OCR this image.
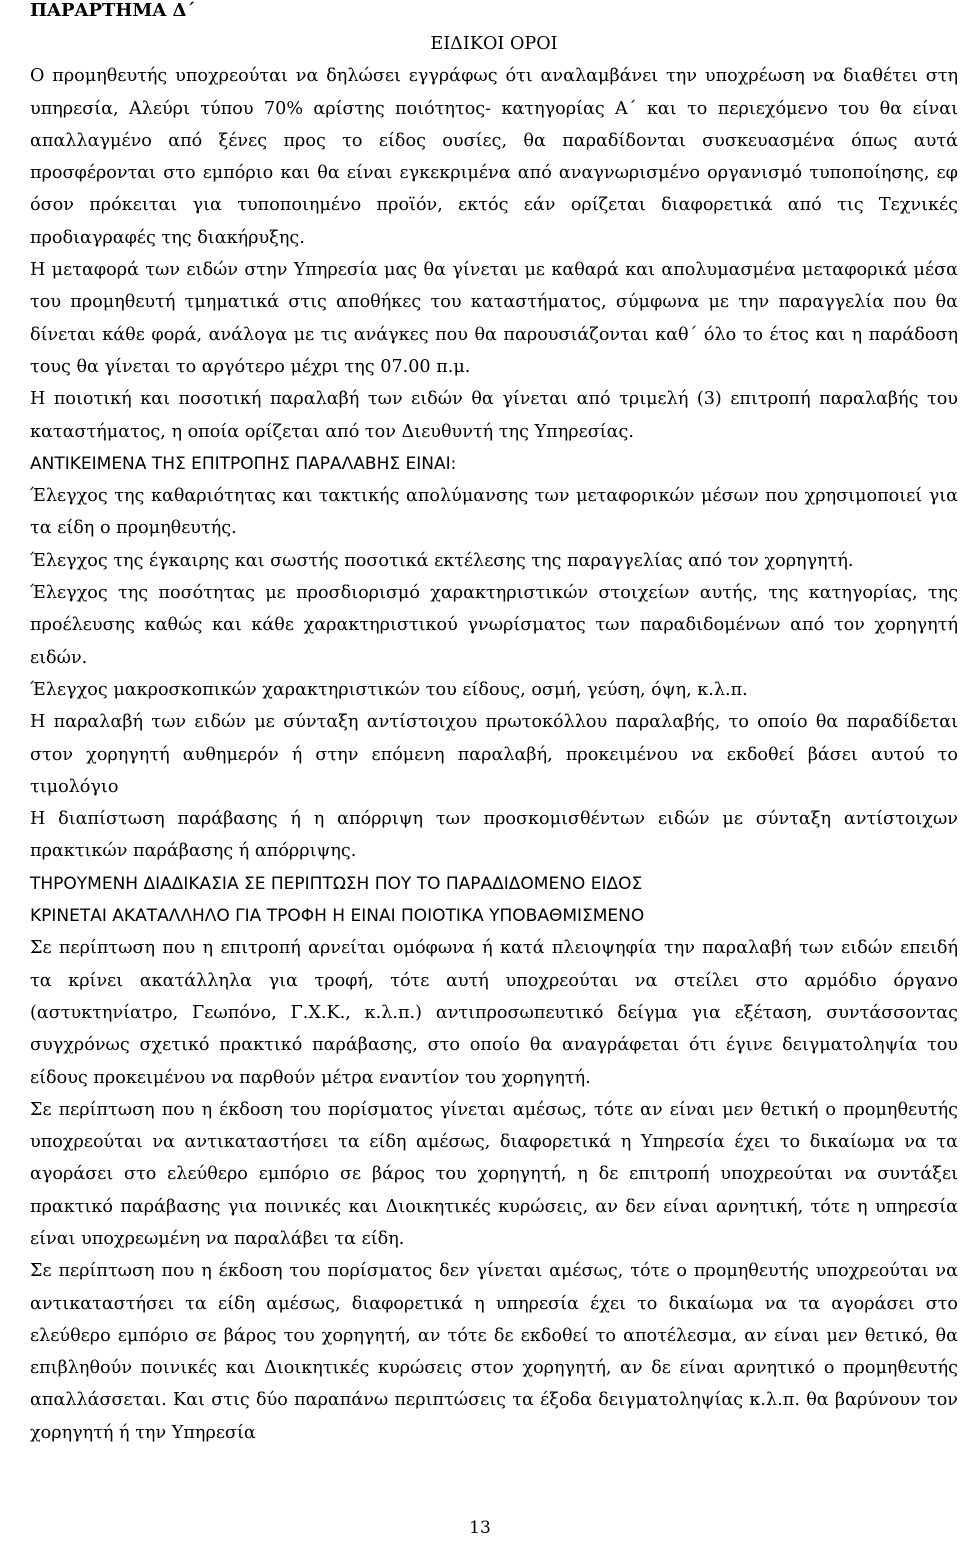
ΠΑΡΑΡΤΗΜΑ Δ΄
ΕΙΔΙΚΟΙ ΟΡΟΙ

Ο προμηθευτής υποχρεούται να δηλώσει εγγράφως ότι αναλαμβάνει την υποχρέωση να διαθέτει στη υπηρεσία, Αλεύρι τύπου 70% αρίστης ποιότητος- κατηγορίας Α΄ και το περιεχόμενο του θα είναι απαλλαγμένο από ξένες προς το είδος ουσίες, θα παραδίδονται συσκευασμένα όπως αυτά προσφέρονται στο εμπόριο και θα είναι εγκεκριμένα από αναγνωρισμένο οργανισμό τυποποίησης, εφ όσον πρόκειται για τυποποιημένο προϊόν, εκτός εάν ορίζεται διαφορετικά από τις Τεχνικές προδιαγραφές της διακήρυξης.

Η μεταφορά των ειδών στην Υπηρεσία μας θα γίνεται με καθαρά και απολυμασμένα μεταφορικά μέσα του προμηθευτή τμηματικά στις αποθήκες του καταστήματος, σύμφωνα με την παραγγελία που θα δίνεται κάθε φορά, ανάλογα με τις ανάγκες που θα παρουσιάζονται καθ΄ όλο το έτος και η παράδοση τους θα γίνεται το αργότερο μέχρι της 07.00 π.μ.

Η ποιοτική και ποσοτική παραλαβή των ειδών θα γίνεται από τριμελή (3) επιτροπή παραλαβής του καταστήματος, η οποία ορίζεται από τον Διευθυντή της Υπηρεσίας.

ΑΝΤΙΚΕΙΜΕΝΑ ΤΗΣ ΕΠΙΤΡΟΠΗΣ ΠΑΡΑΛΑΒΗΣ ΕΙΝΑΙ:

Έλεγχος της καθαριότητας και τακτικής απολύμανσης των μεταφορικών μέσων που χρησιμοποιεί για τα είδη ο προμηθευτής.

Έλεγχος της έγκαιρης και σωστής ποσοτικά εκτέλεσης της παραγγελίας από τον χορηγητή.

Έλεγχος της ποσότητας με προσδιορισμό χαρακτηριστικών στοιχείων αυτής, της κατηγορίας, της προέλευσης καθώς και κάθε χαρακτηριστικού γνωρίσματος των παραδιδομένων από τον χορηγητή ειδών.

Έλεγχος μακροσκοπικών χαρακτηριστικών του είδους, οσμή, γεύση, όψη, κ.λ.π.

Η παραλαβή των ειδών με σύνταξη αντίστοιχου πρωτοκόλλου παραλαβής, το οποίο θα παραδίδεται στον χορηγητή αυθημερόν ή στην επόμενη παραλαβή, προκειμένου να εκδοθεί βάσει αυτού το τιμολόγιο

Η διαπίστωση παράβασης ή η απόρριψη των προσκομισθέντων ειδών με σύνταξη αντίστοιχων πρακτικών παράβασης ή απόρριψης.

ΤΗΡΟΥΜΕΝΗ ΔΙΑΔΙΚΑΣΙΑ ΣΕ ΠΕΡΙΠΤΩΣΗ ΠΟΥ ΤΟ ΠΑΡΑΔΙΔΟΜΕΝΟ ΕΙΔΟΣ

ΚΡΙΝΕΤΑΙ ΑΚΑΤΑΛΛΗΛΟ ΓΙΑ ΤΡΟΦΗ Η ΕΙΝΑΙ ΠΟΙΟΤΙΚΑ ΥΠΟΒΑΘΜΙΣΜΕΝΟ

Σε περίπτωση που η επιτροπή αρνείται ομόφωνα ή κατά πλειοψηφία την παραλαβή των ειδών επειδή τα κρίνει ακατάλληλα για τροφή, τότε αυτή υποχρεούται να στείλει στο αρμόδιο όργανο (αστυκτηνίατρο, Γεωπόνο, Γ.Χ.Κ., κ.λ.π.) αντιπροσωπευτικό δείγμα για εξέταση, συντάσσοντας συγχρόνως σχετικό πρακτικό παράβασης, στο οποίο θα αναγράφεται ότι έγινε δειγματοληψία του είδους προκειμένου να παρθούν μέτρα εναντίον του χορηγητή.

Σε περίπτωση που η έκδοση του πορίσματος γίνεται αμέσως, τότε αν είναι μεν θετική ο προμηθευτής υποχρεούται να αντικαταστήσει τα είδη αμέσως, διαφορετικά η Υπηρεσία έχει το δικαίωμα να τα αγοράσει στο ελεύθερο εμπόριο σε βάρος του χορηγητή, η δε επιτροπή υποχρεούται να συντάξει πρακτικό παράβασης για ποινικές και Διοικητικές κυρώσεις, αν δεν είναι αρνητική, τότε η υπηρεσία είναι υποχρεωμένη να παραλάβει τα είδη.

Σε περίπτωση που η έκδοση του πορίσματος δεν γίνεται αμέσως, τότε ο προμηθευτής υποχρεούται να αντικαταστήσει τα είδη αμέσως, διαφορετικά η υπηρεσία έχει το δικαίωμα να τα αγοράσει στο ελεύθερο εμπόριο σε βάρος του χορηγητή, αν τότε δε εκδοθεί το αποτέλεσμα, αν είναι μεν θετικό, θα επιβληθούν ποινικές και Διοικητικές κυρώσεις στον χορηγητή, αν δε είναι αρνητικό ο προμηθευτής απαλλάσσεται. Και στις δύο παραπάνω περιπτώσεις τα έξοδα δειγματοληψίας κ.λ.π. θα βαρύνουν τον χορηγητή ή την Υπηρεσία

13
